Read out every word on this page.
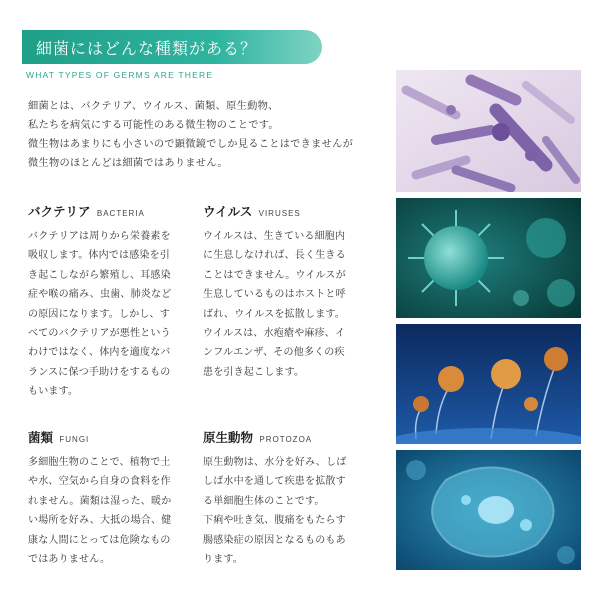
細菌にはどんな種類がある？
WHAT TYPES OF GERMS ARE THERE
細菌とは、バクテリア、ウイルス、菌類、原生動物、
私たちを病気にする可能性のある微生物のことです。
微生物はあまりにも小さいので顕微鏡でしか見ることはできませんが
微生物のほとんどは細菌ではありません。
バクテリア BACTERIA
バクテリアは周りから栄養素を
吸収します。体内では感染を引
き起こしながら繁殖し、耳感染
症や喉の痛み、虫歯、肺炎など
の原因になります。しかし、す
べてのバクテリアが悪性という
わけではなく、体内を適度なバ
ランスに保つ手助けをするもの
もいます。
ウイルス VIRUSES
ウイルスは、生きている細胞内
に生息しなければ、長く生きる
ことはできません。ウイルスが
生息しているものはホストと呼
ばれ、ウイルスを拡散します。
ウイルスは、水疱瘡や麻疹、イ
ンフルエンザ、その他多くの疾
患を引き起こします。
菌類 FUNGI
多細胞生物のことで、植物で土
や水、空気から自身の食料を作
れません。菌類は湿った、暖か
い場所を好み、大抵の場合、健
康な人間にとっては危険なもの
ではありません。
原生動物 PROTOZOA
原生動物は、水分を好み、しば
しば水中を通して疾患を拡散す
る単細胞生体のことです。
下痢や吐き気、腹痛をもたらす
腸感染症の原因となるものもあ
ります。
